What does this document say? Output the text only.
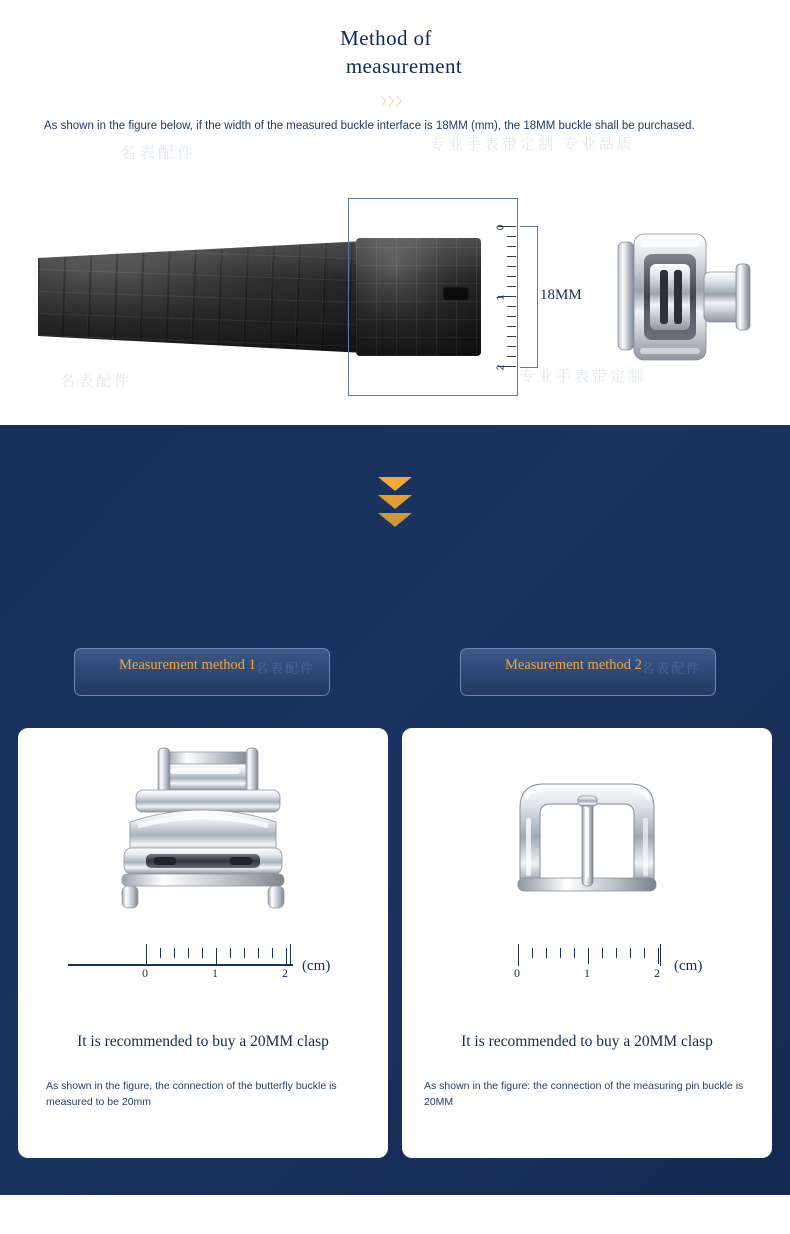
Method of
measurement
〉〉〉
As shown in the figure below, if the width of the measured buckle interface is 18MM (mm), the 18MM buckle shall be purchased.
名表配件	专业手表带定制 专业品质
名表配件	专业手表带定制
0
1
2
18MM
Measurement method 1 名表配件	Measurement method 2 名表配件
0	1	2 (cm)
It is recommended to buy a 20MM clasp
As shown in the figure, the connection of the butterfly buckle is measured to be 20mm
0	1	2 (cm)
It is recommended to buy a 20MM clasp
As shown in the figure: the connection of the measuring pin buckle is 20MM
